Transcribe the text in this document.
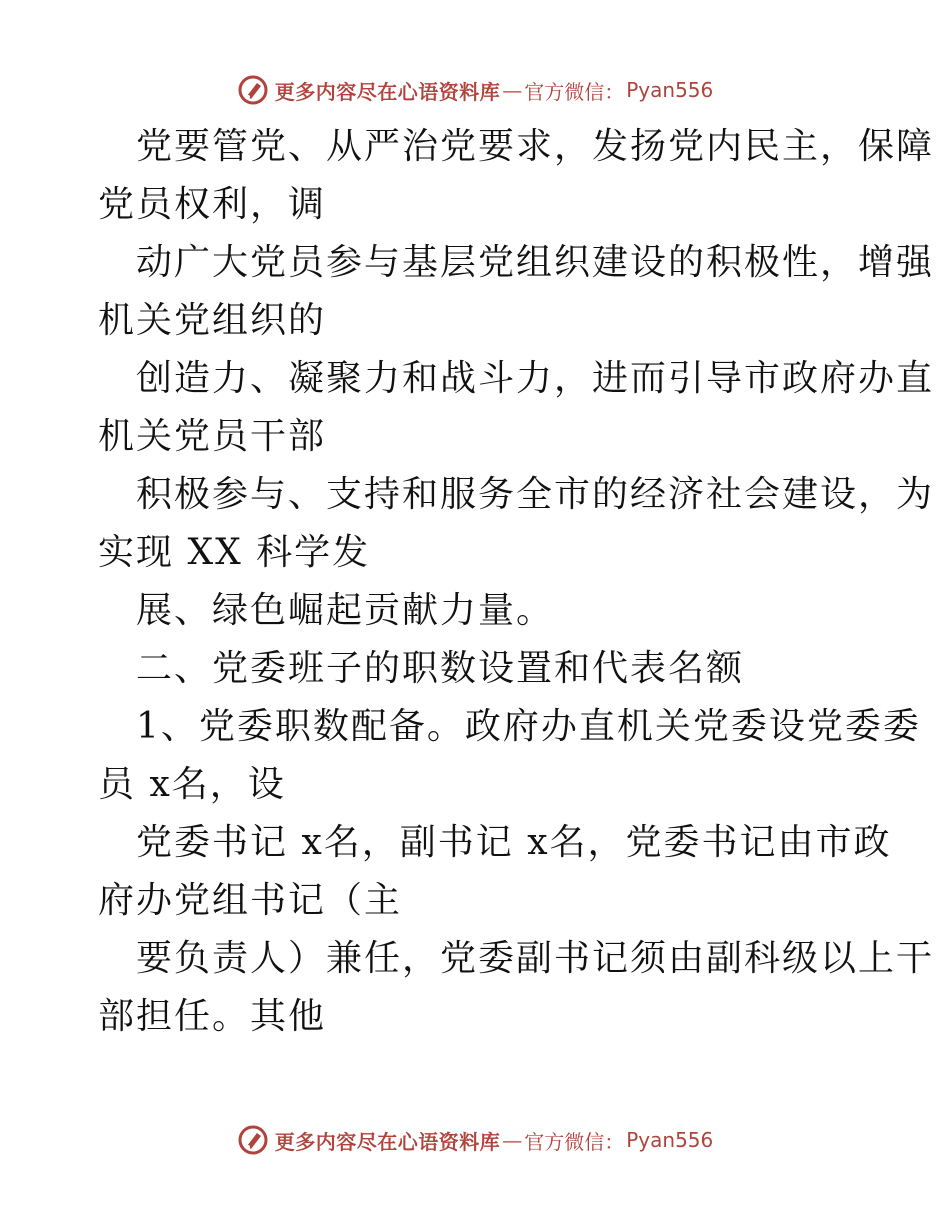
更多内容尽在心语资料库 — 官方微信： Pyan556
党要管党、从严治党要求，发扬党内民主，保障
党员权利，调
动广大党员参与基层党组织建设的积极性，增强
机关党组织的
创造力、凝聚力和战斗力，进而引导市政府办直
机关党员干部
积极参与、支持和服务全市的经济社会建设，为
实现 XX 科学发
展、绿色崛起贡献力量。
二、党委班子的职数设置和代表名额
1、党委职数配备。政府办直机关党委设党委委
员 x名，设
党委书记 x名，副书记 x名，党委书记由市政
府办党组书记（主
要负责人）兼任，党委副书记须由副科级以上干
部担任。其他
更多内容尽在心语资料库 — 官方微信： Pyan556
